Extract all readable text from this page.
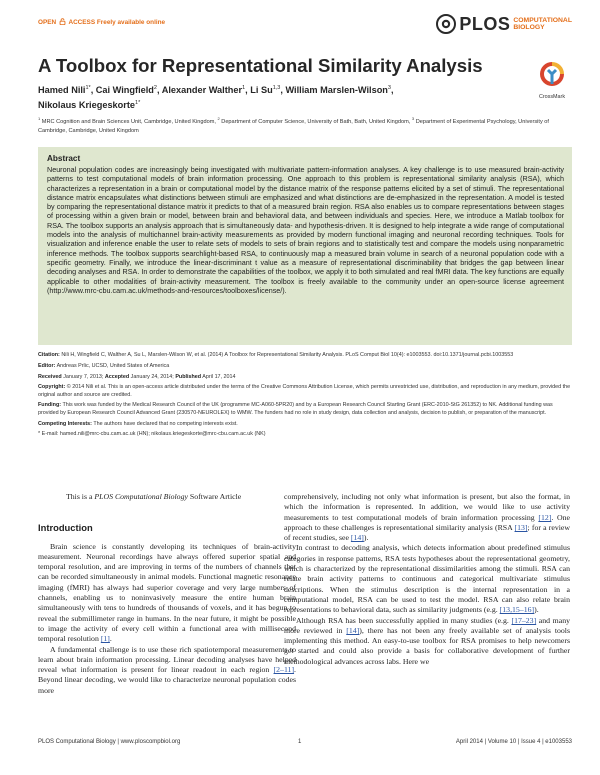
OPEN ACCESS Freely available online	PLOS COMPUTATIONAL
BIOLOGY
A Toolbox for Representational Similarity Analysis
CrossMark
Hamed Nili$^{1*}$, Cai Wingfield$^2$, Alexander Walther$^1$, Li Su$^{1,3}$, William Marslen-Wilson$^3$,
Nikolaus Kriegeskorte$^{1*}$
$^1$ MRC Cognition and Brain Sciences Unit, Cambridge, United Kingdom, $^2$ Department of Computer Science, University of Bath, Bath, United Kingdom, $^3$ Department of Experimental Psychology, University of Cambridge, Cambridge, United Kingdom
Abstract

Neuronal population codes are increasingly being investigated with multivariate pattern-information analyses. A key challenge is to use measured brain-activity patterns to test computational models of brain information processing. One approach to this problem is representational similarity analysis (RSA), which characterizes a representation in a brain or computational model by the distance matrix of the response patterns elicited by a set of stimuli. The representational distance matrix encapsulates what distinctions between stimuli are emphasized and what distinctions are de-emphasized in the representation. A model is tested by comparing the representational distance matrix it predicts to that of a measured brain region. RSA also enables us to compare representations between stages of processing within a given brain or model, between brain and behavioral data, and between individuals and species. Here, we introduce a Matlab toolbox for RSA. The toolbox supports an analysis approach that is simultaneously data- and hypothesis-driven. It is designed to help integrate a wide range of computational models into the analysis of multichannel brain-activity measurements as provided by modern functional imaging and neuronal recording techniques. Tools for visualization and inference enable the user to relate sets of models to sets of brain regions and to statistically test and compare the models using nonparametric inference methods. The toolbox supports searchlight-based RSA, to continuously map a measured brain volume in search of a neuronal population code with a specific geometry. Finally, we introduce the linear-discriminant t value as a measure of representational discriminability that bridges the gap between linear decoding analyses and RSA. In order to demonstrate the capabilities of the toolbox, we apply it to both simulated and real fMRI data. The key functions are equally applicable to other modalities of brain-activity measurement. The toolbox is freely available to the community under an open-source license agreement (http://www.mrc-cbu.cam.ac.uk/methods-and-resources/toolboxes/license/).

Citation: Nili H, Wingfield C, Walther A, Su L, Marslen-Wilson W, et al. (2014) A Toolbox for Representational Similarity Analysis. PLoS Comput Biol 10(4): e1003553. doi:10.1371/journal.pcbi.1003553
Editor: Andreas Prlic, UCSD, United States of America
Received January 7, 2013; Accepted January 24, 2014; Published April 17, 2014
Copyright: © 2014 Nili et al. This is an open-access article distributed under the terms of the Creative Commons Attribution License, which permits unrestricted use, distribution, and reproduction in any medium, provided the original author and source are credited.
Funding: This work was funded by the Medical Research Council of the UK (programme MC-A060-5PR20) and by a European Research Council Starting Grant (ERC-2010-StG 261352) to NK. Additional funding was provided by European Research Council Advanced Grant (230570-NEUROLEX) to WMW. The funders had no role in study design, data collection and analysis, decision to publish, or preparation of the manuscript.
Competing Interests: The authors have declared that no competing interests exist.
* E-mail: hamed.nili@mrc-cbu.cam.ac.uk (HN); nikolaus.kriegeskorte@mrc-cbu.cam.ac.uk (NK)

This is a PLOS Computational Biology Software Article

Introduction

Brain science is constantly developing its techniques of brain-activity measurement. Neuronal recordings have always offered superior spatial and temporal resolution, and are improving in terms of the numbers of channels that can be recorded simultaneously in animal models. Functional magnetic resonance imaging (fMRI) has always had superior coverage and very large numbers of channels, enabling us to noninvasively measure the entire human brain simultaneously with tens to hundreds of thousands of voxels, and it has begun to reveal the submillimeter range in humans. In the near future, it might be possible to image the activity of every cell within a functional area with millisecond temporal resolution [1].

A fundamental challenge is to use these rich spatiotemporal measurements to learn about brain information processing. Linear decoding analyses have helped reveal what information is present for linear readout in each region [2–11]. Beyond linear decoding, we would like to characterize neuronal population codes more

comprehensively, including not only what information is present, but also the format, in which the information is represented. In addition, we would like to use activity measurements to test computational models of brain information processing [12]. One approach to these challenges is representational similarity analysis (RSA [13]; for a review of recent studies, see [14]).

In contrast to decoding analysis, which detects information about predefined stimulus categories in response patterns, RSA tests hypotheses about the representational geometry, which is characterized by the representational dissimilarities among the stimuli. RSA can relate brain activity patterns to continuous and categorical multivariate stimulus descriptions. When the stimulus description is the internal representation in a computational model, RSA can be used to test the model. RSA can also relate brain representations to behavioral data, such as similarity judgments (e.g. [13,15–16]).

Although RSA has been successfully applied in many studies (e.g. [17–23] and many more reviewed in [14]), there has not been any freely available set of analysis tools implementing this method. An easy-to-use toolbox for RSA promises to help newcomers get started and could also provide a basis for collaborative development of further methodological advances across labs. Here we

PLOS Computational Biology | www.ploscompbiol.org	1	April 2014 | Volume 10 | Issue 4 | e1003553
